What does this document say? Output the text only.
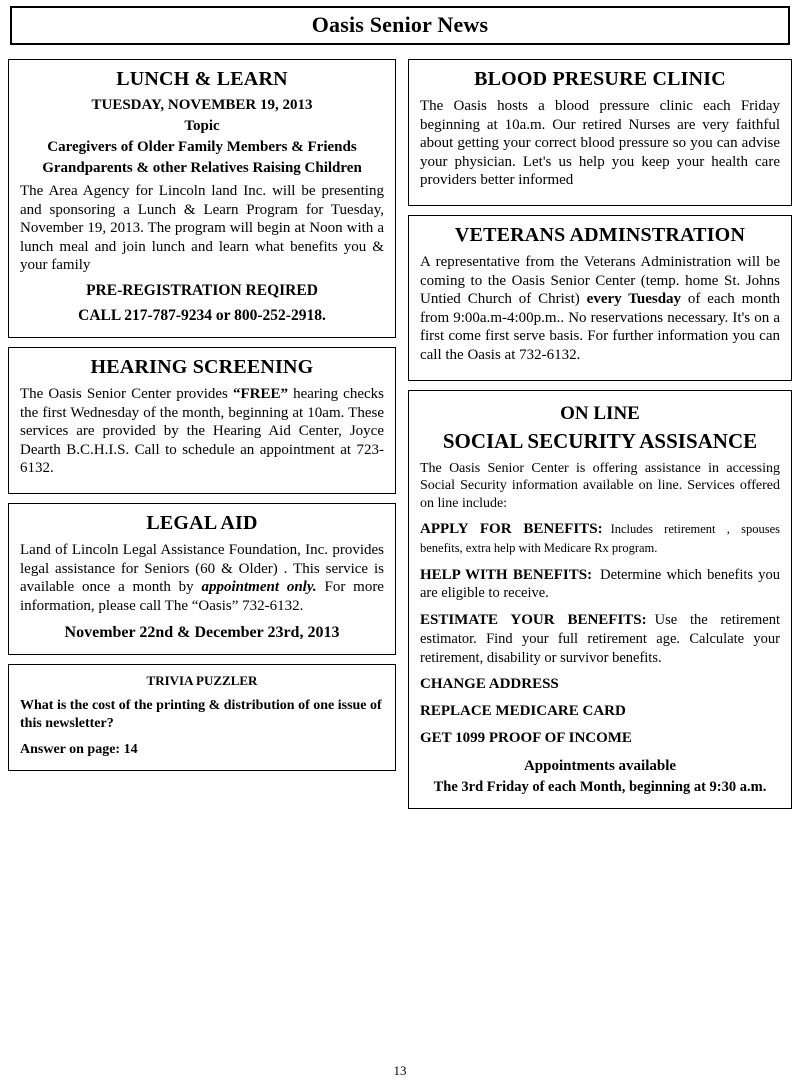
Oasis Senior News
LUNCH & LEARN
TUESDAY, NOVEMBER 19, 2013
Topic
Caregivers of Older Family Members & Friends
Grandparents & other Relatives Raising Children

The Area Agency for Lincoln land Inc. will be presenting and sponsoring a Lunch & Learn Program for Tuesday, November 19, 2013. The program will begin at Noon with a lunch meal and join lunch and learn what benefits you & your family

PRE-REGISTRATION REQIRED

CALL 217-787-9234 or 800-252-2918.

HEARING SCREENING

The Oasis Senior Center provides “FREE” hearing checks the first Wednesday of the month, beginning at 10am. These services are provided by the Hearing Aid Center, Joyce Dearth B.C.H.I.S. Call to schedule an appointment at 723-6132.

LEGAL AID

Land of Lincoln Legal Assistance Foundation, Inc. provides legal assistance for Seniors (60 & Older) . This service is available once a month by appointment only. For more information, please call The “Oasis” 732-6132.

November 22nd & December 23rd, 2013

TRIVIA PUZZLER

What is the cost of the printing & distribution of one issue of this newsletter?

Answer on page: 14

BLOOD PRESURE CLINIC

The Oasis hosts a blood pressure clinic each Friday beginning at 10a.m. Our retired Nurses are very faithful about getting your correct blood pressure so you can advise your physician. Let's us help you keep your health care providers better informed

VETERANS ADMINSTRATION

A representative from the Veterans Administration will be coming to the Oasis Senior Center (temp. home St. Johns Untied Church of Christ) every Tuesday of each month from 9:00a.m-4:00p.m.. No reservations necessary. It's on a first come first serve basis. For further information you can call the Oasis at 732-6132.

ON LINE

SOCIAL SECURITY ASSISANCE

The Oasis Senior Center is offering assistance in accessing Social Security information available on line. Services offered on line include:

APPLY FOR BENEFITS: Includes retirement , spouses benefits, extra help with Medicare Rx program.

HELP WITH BENEFITS: Determine which benefits you are eligible to receive.

ESTIMATE YOUR BENEFITS: Use the retirement estimator. Find your full retirement age. Calculate your retirement, disability or survivor benefits.

CHANGE ADDRESS

REPLACE MEDICARE CARD

GET 1099 PROOF OF INCOME

Appointments available

The 3rd Friday of each Month, beginning at 9:30 a.m.

13
